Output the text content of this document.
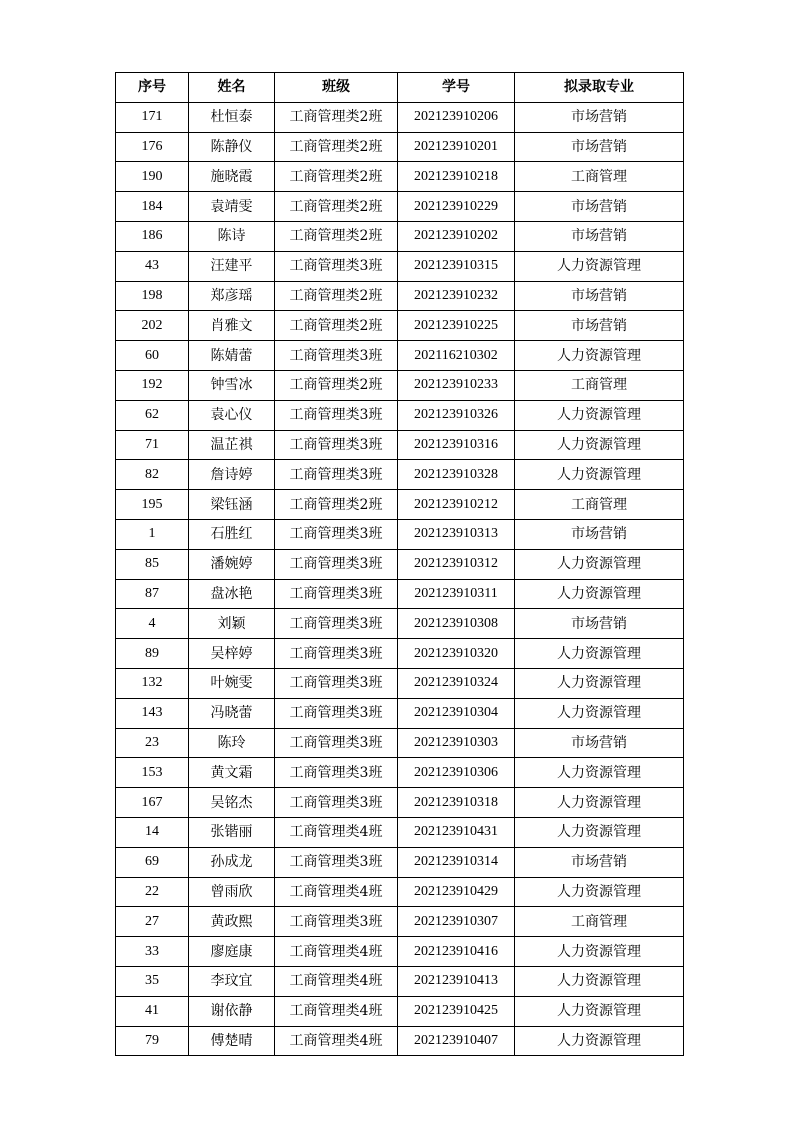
序号	姓名	班级	学号	拟录取专业
171	杜恒泰	工商管理类2班	202123910206	市场营销
176	陈静仪	工商管理类2班	202123910201	市场营销
190	施晓霞	工商管理类2班	202123910218	工商管理
184	袁靖雯	工商管理类2班	202123910229	市场营销
186	陈诗	工商管理类2班	202123910202	市场营销
43	汪建平	工商管理类3班	202123910315	人力资源管理
198	郑彦瑶	工商管理类2班	202123910232	市场营销
202	肖雅文	工商管理类2班	202123910225	市场营销
60	陈婧蕾	工商管理类3班	202116210302	人力资源管理
192	钟雪冰	工商管理类2班	202123910233	工商管理
62	袁心仪	工商管理类3班	202123910326	人力资源管理
71	温芷祺	工商管理类3班	202123910316	人力资源管理
82	詹诗婷	工商管理类3班	202123910328	人力资源管理
195	梁钰涵	工商管理类2班	202123910212	工商管理
1	石胜红	工商管理类3班	202123910313	市场营销
85	潘婉婷	工商管理类3班	202123910312	人力资源管理
87	盘冰艳	工商管理类3班	202123910311	人力资源管理
4	刘颖	工商管理类3班	202123910308	市场营销
89	吴梓婷	工商管理类3班	202123910320	人力资源管理
132	叶婉雯	工商管理类3班	202123910324	人力资源管理
143	冯晓蕾	工商管理类3班	202123910304	人力资源管理
23	陈玲	工商管理类3班	202123910303	市场营销
153	黄文霜	工商管理类3班	202123910306	人力资源管理
167	吴铭杰	工商管理类3班	202123910318	人力资源管理
14	张锴丽	工商管理类4班	202123910431	人力资源管理
69	孙成龙	工商管理类3班	202123910314	市场营销
22	曾雨欣	工商管理类4班	202123910429	人力资源管理
27	黄政熙	工商管理类3班	202123910307	工商管理
33	廖庭康	工商管理类4班	202123910416	人力资源管理
35	李玟宜	工商管理类4班	202123910413	人力资源管理
41	谢依静	工商管理类4班	202123910425	人力资源管理
79	傅楚晴	工商管理类4班	202123910407	人力资源管理
